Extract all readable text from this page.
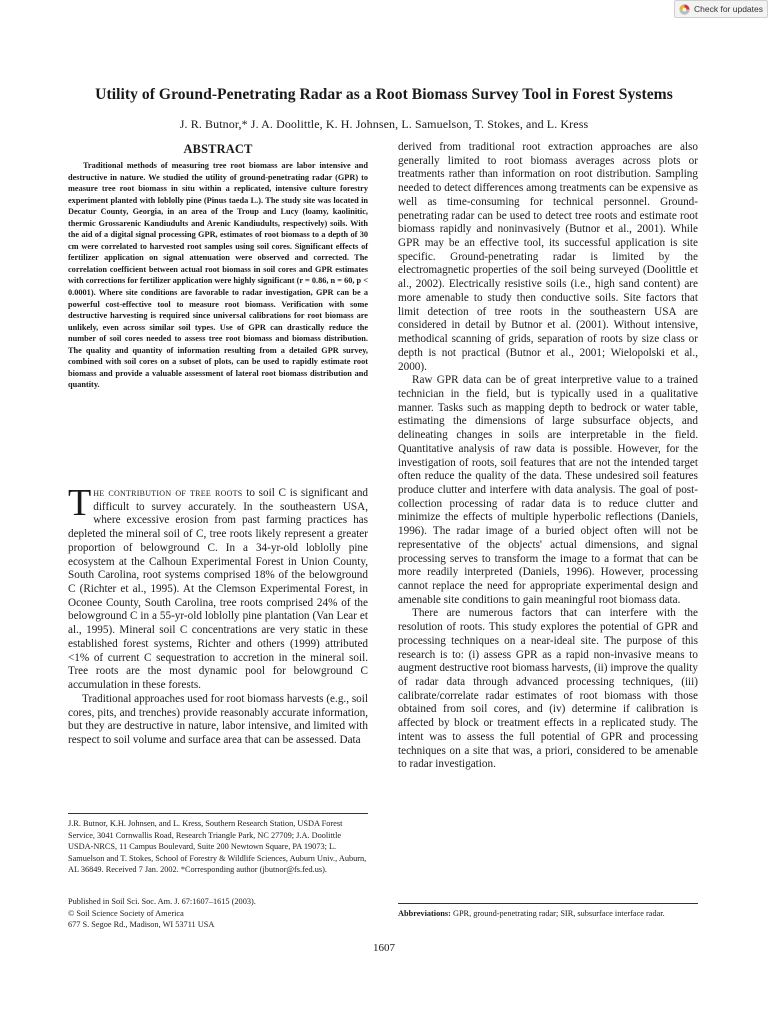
Check for updates
Utility of Ground-Penetrating Radar as a Root Biomass Survey Tool in Forest Systems
J. R. Butnor,* J. A. Doolittle, K. H. Johnsen, L. Samuelson, T. Stokes, and L. Kress
ABSTRACT

Traditional methods of measuring tree root biomass are labor intensive and destructive in nature. We studied the utility of ground-penetrating radar (GPR) to measure tree root biomass in situ within a replicated, intensive culture forestry experiment planted with loblolly pine (Pinus taeda L.). The study site was located in Decatur County, Georgia, in an area of the Troup and Lucy (loamy, kaolinitic, thermic Grossarenic Kandiudults and Arenic Kandiudults, respectively) soils. With the aid of a digital signal processing GPR, estimates of root biomass to a depth of 30 cm were correlated to harvested root samples using soil cores. Significant effects of fertilizer application on signal attenuation were observed and corrected. The correlation coefficient between actual root biomass in soil cores and GPR estimates with corrections for fertilizer application were highly significant (r = 0.86, n = 60, p < 0.0001). Where site conditions are favorable to radar investigation, GPR can be a powerful cost-effective tool to measure root biomass. Verification with some destructive harvesting is required since universal calibrations for root biomass are unlikely, even across similar soil types. Use of GPR can drastically reduce the number of soil cores needed to assess tree root biomass and biomass distribution. The quality and quantity of information resulting from a detailed GPR survey, combined with soil cores on a subset of plots, can be used to rapidly estimate root biomass and provide a valuable assessment of lateral root biomass distribution and quantity.

The contribution of tree roots to soil C is significant and difficult to survey accurately. In the southeastern USA, where excessive erosion from past farming practices has depleted the mineral soil of C, tree roots likely represent a greater proportion of belowground C. In a 34-yr-old loblolly pine ecosystem at the Calhoun Experimental Forest in Union County, South Carolina, root systems comprised 18% of the belowground C (Richter et al., 1995). At the Clemson Experimental Forest, in Oconee County, South Carolina, tree roots comprised 24% of the belowground C in a 55-yr-old loblolly pine plantation (Van Lear et al., 1995). Mineral soil C concentrations are very static in these established forest systems, Richter and others (1999) attributed <1% of current C sequestration to accretion in the mineral soil. Tree roots are the most dynamic pool for belowground C accumulation in these forests.

Traditional approaches used for root biomass harvests (e.g., soil cores, pits, and trenches) provide reasonably accurate information, but they are destructive in nature, labor intensive, and limited with respect to soil volume and surface area that can be assessed. Data

derived from traditional root extraction approaches are also generally limited to root biomass averages across plots or treatments rather than information on root distribution. Sampling needed to detect differences among treatments can be expensive as well as time-consuming for technical personnel. Ground-penetrating radar can be used to detect tree roots and estimate root biomass rapidly and noninvasively (Butnor et al., 2001). While GPR may be an effective tool, its successful application is site specific. Ground-penetrating radar is limited by the electromagnetic properties of the soil being surveyed (Doolittle et al., 2002). Electrically resistive soils (i.e., high sand content) are more amenable to study then conductive soils. Site factors that limit detection of tree roots in the southeastern USA are considered in detail by Butnor et al. (2001). Without intensive, methodical scanning of grids, separation of roots by size class or depth is not practical (Butnor et al., 2001; Wielopolski et al., 2000).

Raw GPR data can be of great interpretive value to a trained technician in the field, but is typically used in a qualitative manner. Tasks such as mapping depth to bedrock or water table, estimating the dimensions of large subsurface objects, and delineating changes in soils are interpretable in the field. Quantitative analysis of raw data is possible. However, for the investigation of roots, soil features that are not the intended target often reduce the quality of the data. These undesired soil features produce clutter and interfere with data analysis. The goal of post-collection processing of radar data is to reduce clutter and minimize the effects of multiple hyperbolic reflections (Daniels, 1996). The radar image of a buried object often will not be representative of the objects' actual dimensions, and signal processing serves to transform the image to a format that can be more readily interpreted (Daniels, 1996). However, processing cannot replace the need for appropriate experimental design and amenable site conditions to gain meaningful root biomass data.

There are numerous factors that can interfere with the resolution of roots. This study explores the potential of GPR and processing techniques on a near-ideal site. The purpose of this research is to: (i) assess GPR as a rapid non-invasive means to augment destructive root biomass harvests, (ii) improve the quality of radar data through advanced processing techniques, (iii) calibrate/correlate radar estimates of root biomass with those obtained from soil cores, and (iv) determine if calibration is affected by block or treatment effects in a replicated study. The intent was to assess the full potential of GPR and processing techniques on a site that was, a priori, considered to be amenable to radar investigation.

J.R. Butnor, K.H. Johnsen, and L. Kress, Southern Research Station, USDA Forest Service, 3041 Cornwallis Road, Research Triangle Park, NC 27709; J.A. Doolittle USDA-NRCS, 11 Campus Boulevard, Suite 200 Newtown Square, PA 19073; L. Samuelson and T. Stokes, School of Forestry & Wildlife Sciences, Auburn Univ., Auburn, AL 36849. Received 7 Jan. 2002. *Corresponding author (jbutnor@fs.fed.us).

Published in Soil Sci. Soc. Am. J. 67:1607–1615 (2003).
© Soil Science Society of America
677 S. Segoe Rd., Madison, WI 53711 USA

Abbreviations: GPR, ground-penetrating radar; SIR, subsurface interface radar.

1607
